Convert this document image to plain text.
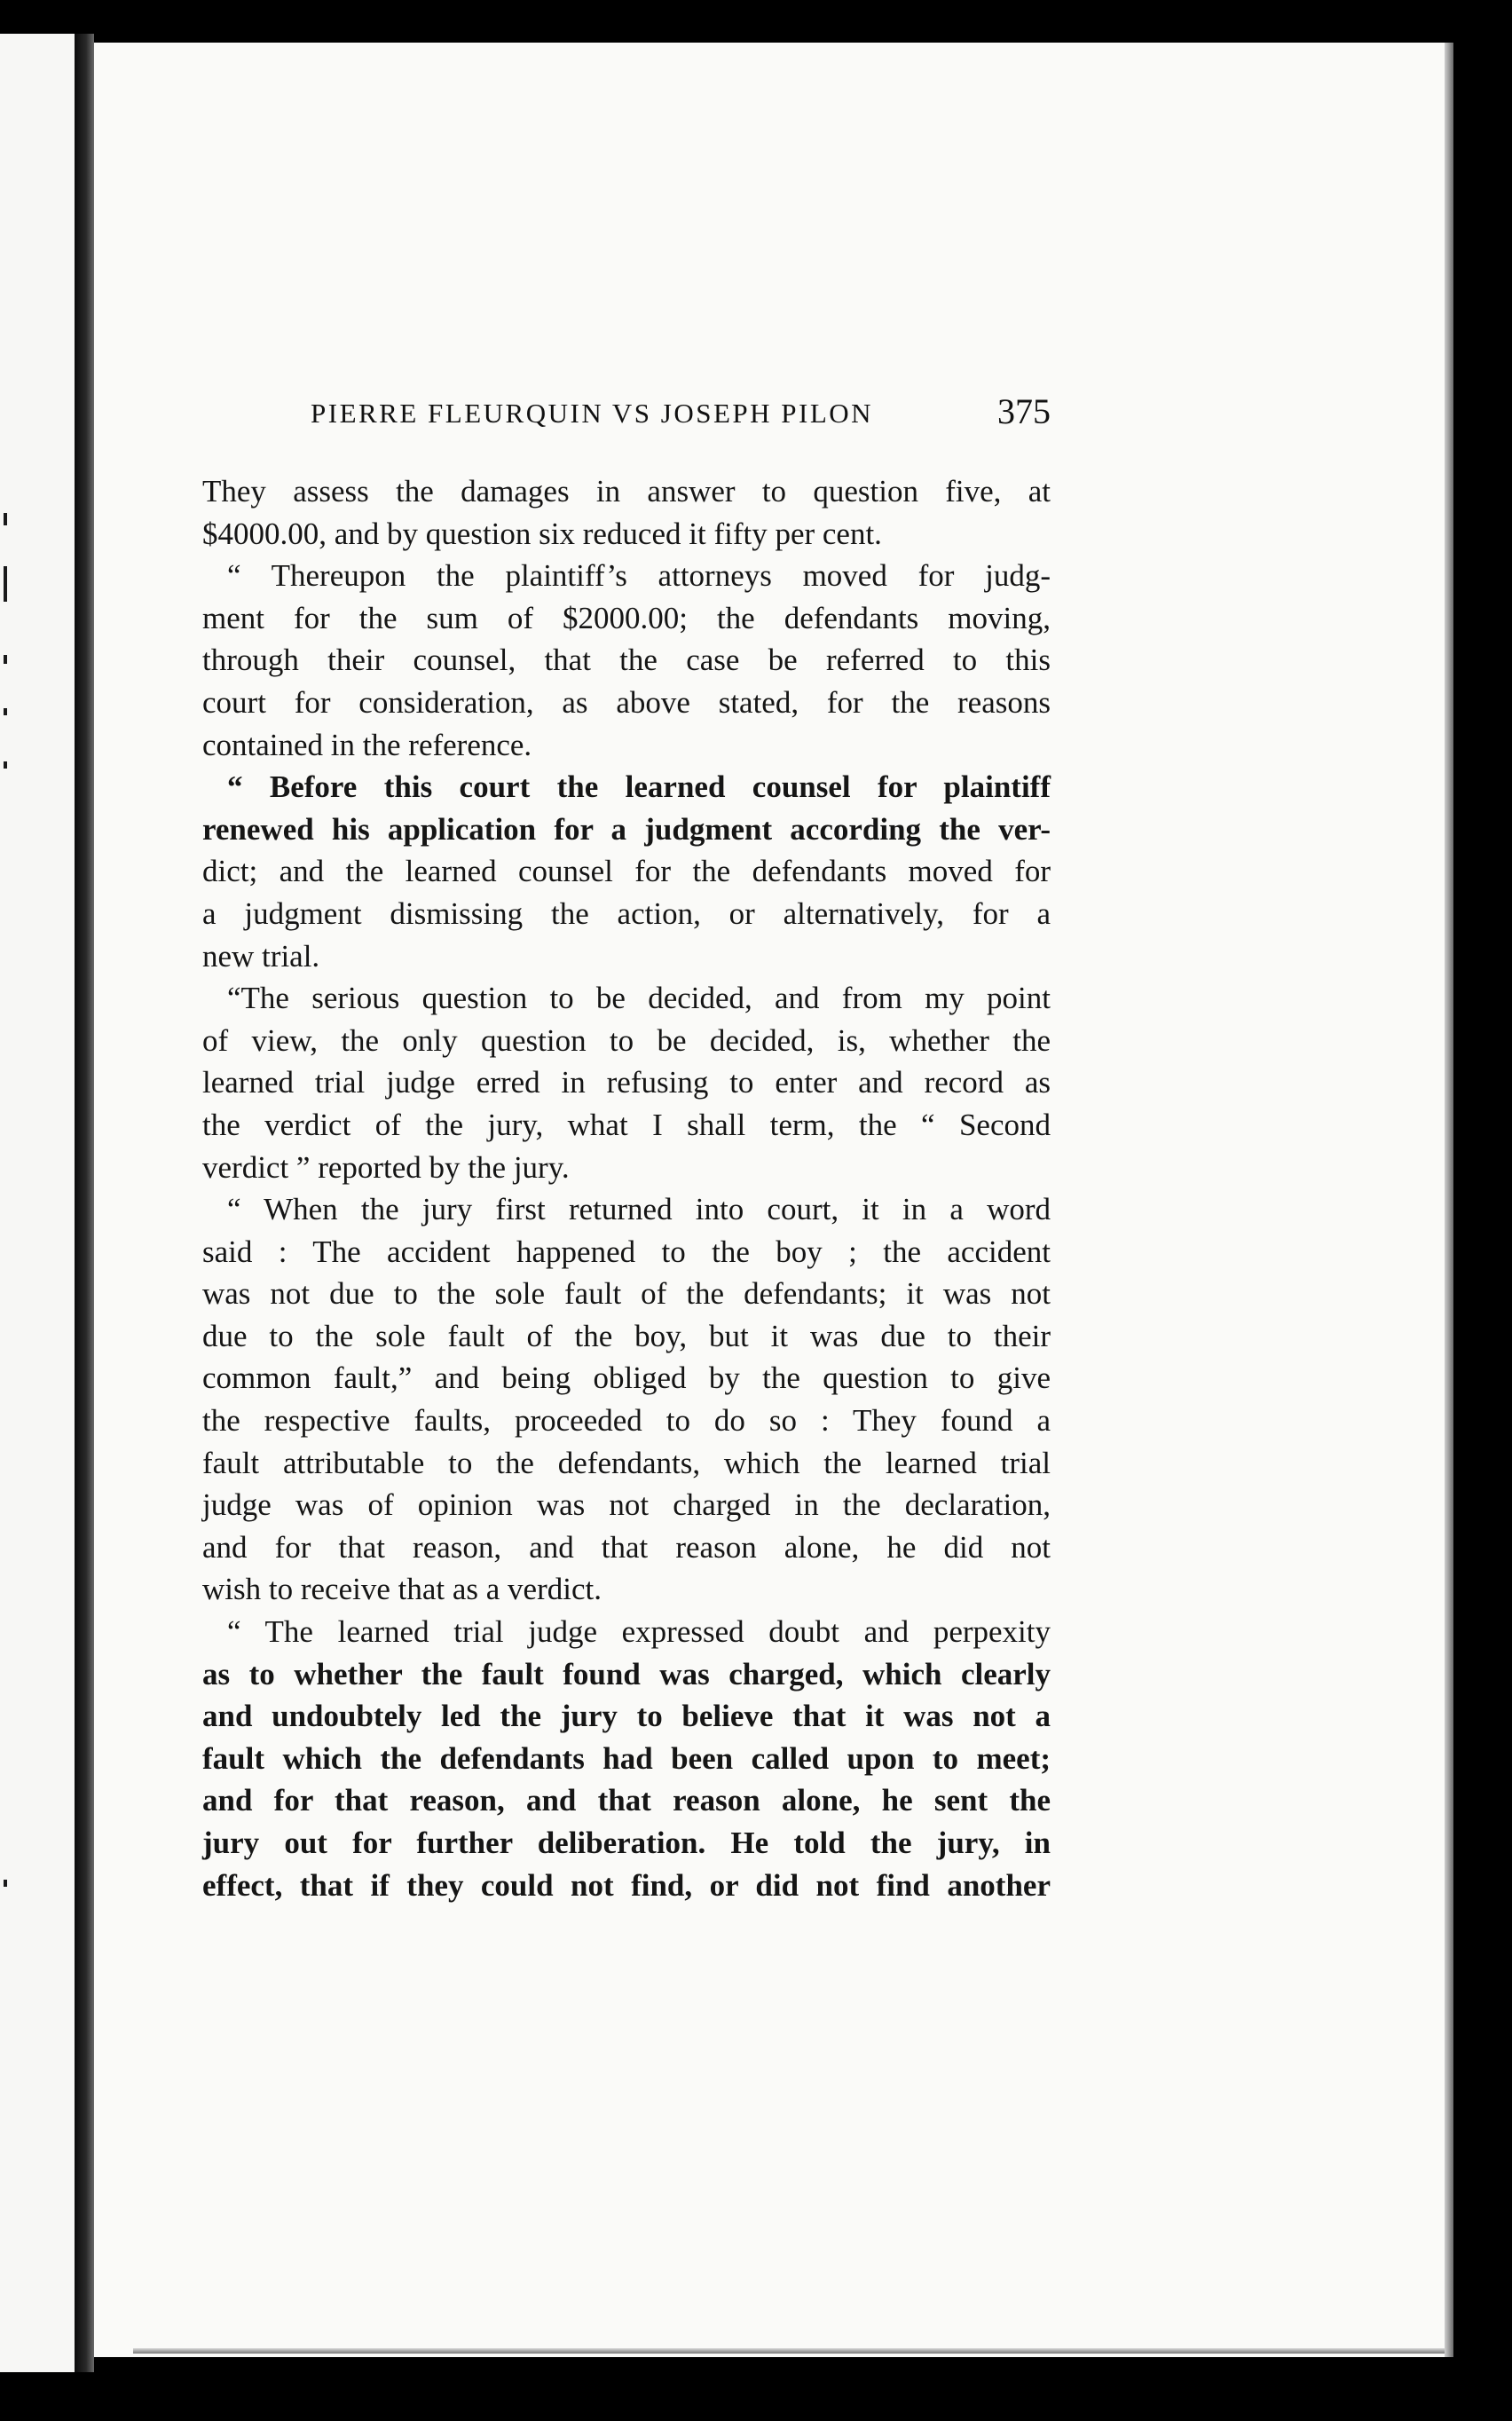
PIERRE FLEURQUIN VS JOSEPH PILON	375
They assess the damages in answer to question five, at
$4000.00, and by question six reduced it fifty per cent.
“ Thereupon the plaintiff’s attorneys moved for judg-
ment for the sum of $2000.00; the defendants moving,
through their counsel, that the case be referred to this
court for consideration, as above stated, for the reasons
contained in the reference.
“ Before this court the learned counsel for plaintiff
renewed his application for a judgment according the ver-
dict; and the learned counsel for the defendants moved for
a judgment dismissing the action, or alternatively, for a
new trial.
“The serious question to be decided, and from my point
of view, the only question to be decided, is, whether the
learned trial judge erred in refusing to enter and record as
the verdict of the jury, what I shall term, the “ Second
verdict ” reported by the jury.
“ When the jury first returned into court, it in a word
said : The accident happened to the boy ; the accident
was not due to the sole fault of the defendants; it was not
due to the sole fault of the boy, but it was due to their
common fault,” and being obliged by the question to give
the respective faults, proceeded to do so : They found a
fault attributable to the defendants, which the learned trial
judge was of opinion was not charged in the declaration,
and for that reason, and that reason alone, he did not
wish to receive that as a verdict.
“ The learned trial judge expressed doubt and perpexity
as to whether the fault found was charged, which clearly
and undoubtely led the jury to believe that it was not a
fault which the defendants had been called upon to meet;
and for that reason, and that reason alone, he sent the
jury out for further deliberation. He told the jury, in
effect, that if they could not find, or did not find another
